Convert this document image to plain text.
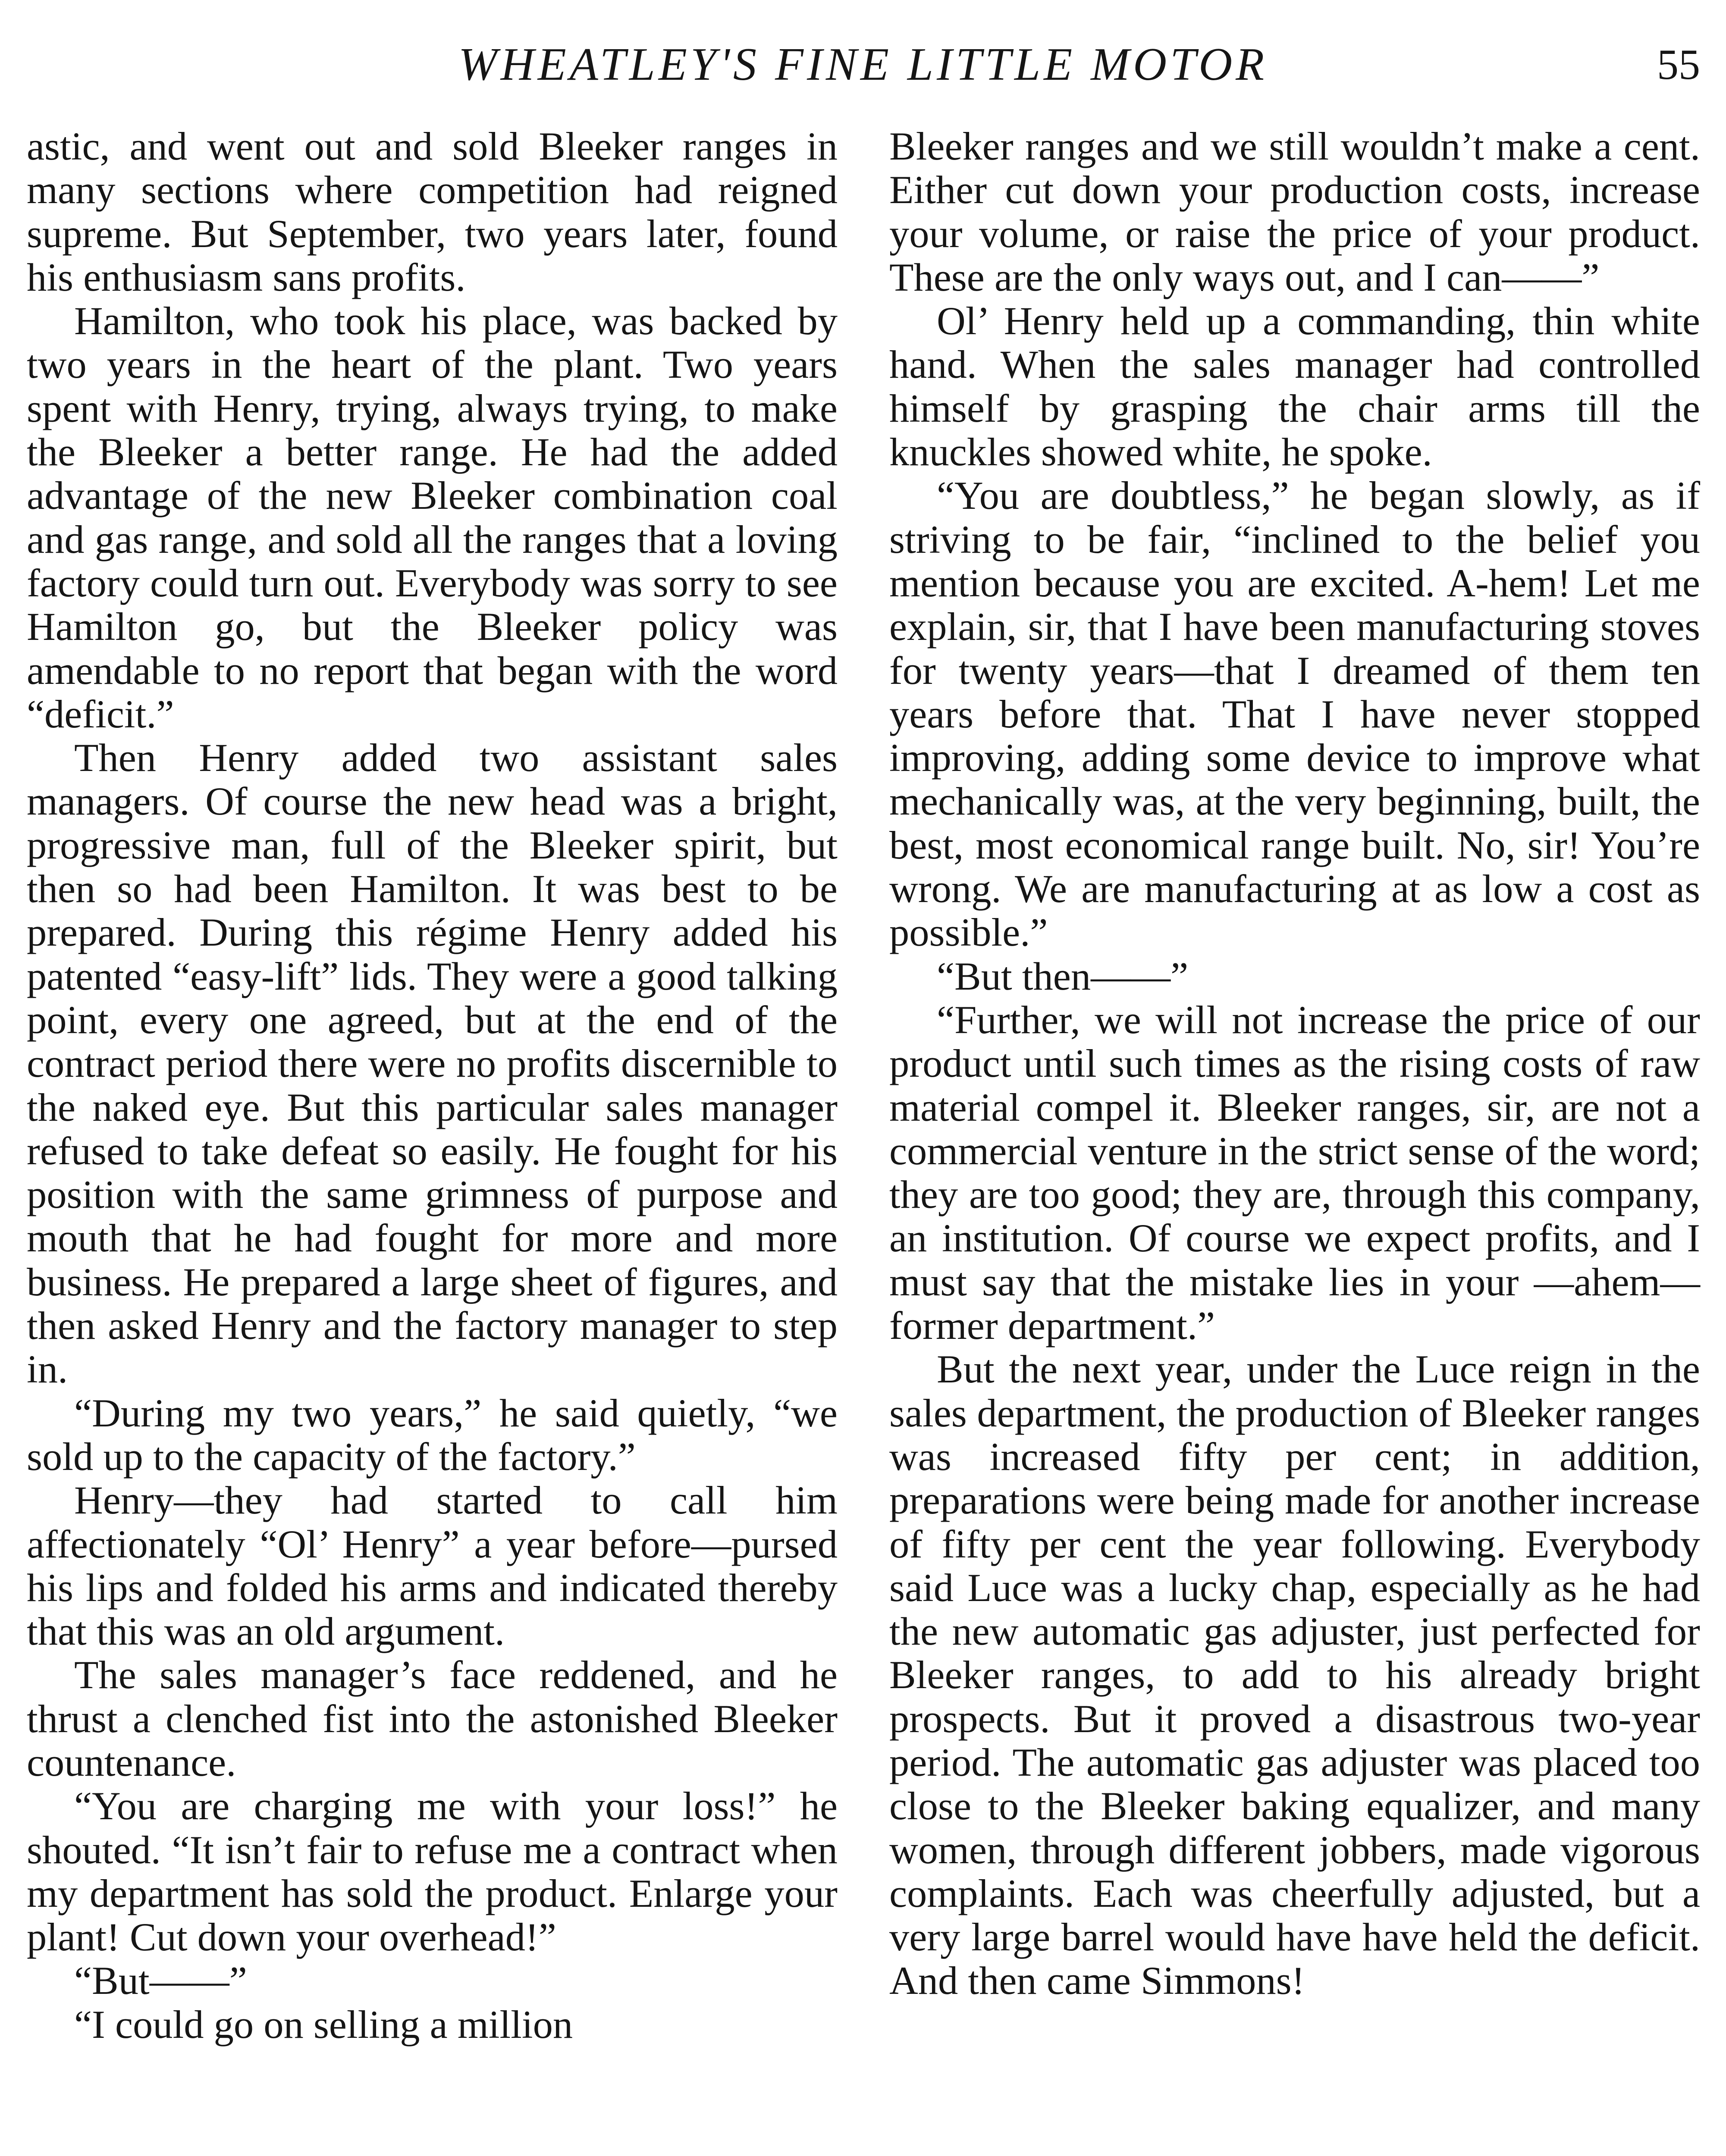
WHEATLEY'S FINE LITTLE MOTOR	55

astic, and went out and sold Bleeker ranges in many sections where competition had reigned supreme. But September, two years later, found his enthusiasm sans profits.

Hamilton, who took his place, was backed by two years in the heart of the plant. Two years spent with Henry, trying, always trying, to make the Bleeker a better range. He had the added advantage of the new Bleeker combination coal and gas range, and sold all the ranges that a loving factory could turn out. Everybody was sorry to see Hamilton go, but the Bleeker policy was amendable to no report that began with the word “deficit.”

Then Henry added two assistant sales managers. Of course the new head was a bright, progressive man, full of the Bleeker spirit, but then so had been Hamilton. It was best to be prepared. During this régime Henry added his patented “easy-lift” lids. They were a good talking point, every one agreed, but at the end of the contract period there were no profits discernible to the naked eye. But this particular sales manager refused to take defeat so easily. He fought for his position with the same grimness of purpose and mouth that he had fought for more and more business. He prepared a large sheet of figures, and then asked Henry and the factory manager to step in.

“During my two years,” he said quietly, “we sold up to the capacity of the factory.”

Henry—they had started to call him affectionately “Ol’ Henry” a year before—pursed his lips and folded his arms and indicated thereby that this was an old argument.

The sales manager’s face reddened, and he thrust a clenched fist into the astonished Bleeker countenance.

“You are charging me with your loss!” he shouted. “It isn’t fair to refuse me a contract when my department has sold the product. Enlarge your plant! Cut down your overhead!”

“But——”

“I could go on selling a million

Bleeker ranges and we still wouldn’t make a cent. Either cut down your production costs, increase your volume, or raise the price of your product. These are the only ways out, and I can——”

Ol’ Henry held up a commanding, thin white hand. When the sales manager had controlled himself by grasping the chair arms till the knuckles showed white, he spoke.

“You are doubtless,” he began slowly, as if striving to be fair, “inclined to the belief you mention because you are excited. A-hem! Let me explain, sir, that I have been manufacturing stoves for twenty years—that I dreamed of them ten years before that. That I have never stopped improving, adding some device to improve what mechanically was, at the very beginning, built, the best, most economical range built. No, sir! You’re wrong. We are manufacturing at as low a cost as possible.”

“But then——”

“Further, we will not increase the price of our product until such times as the rising costs of raw material compel it. Bleeker ranges, sir, are not a commercial venture in the strict sense of the word; they are too good; they are, through this company, an institution. Of course we expect profits, and I must say that the mistake lies in your —ahem—former department.”

But the next year, under the Luce reign in the sales department, the production of Bleeker ranges was increased fifty per cent; in addition, preparations were being made for another increase of fifty per cent the year following. Everybody said Luce was a lucky chap, especially as he had the new automatic gas adjuster, just perfected for Bleeker ranges, to add to his already bright prospects. But it proved a disastrous two-year period. The automatic gas adjuster was placed too close to the Bleeker baking equalizer, and many women, through different jobbers, made vigorous complaints. Each was cheerfully adjusted, but a very large barrel would have have held the deficit. And then came Simmons!
